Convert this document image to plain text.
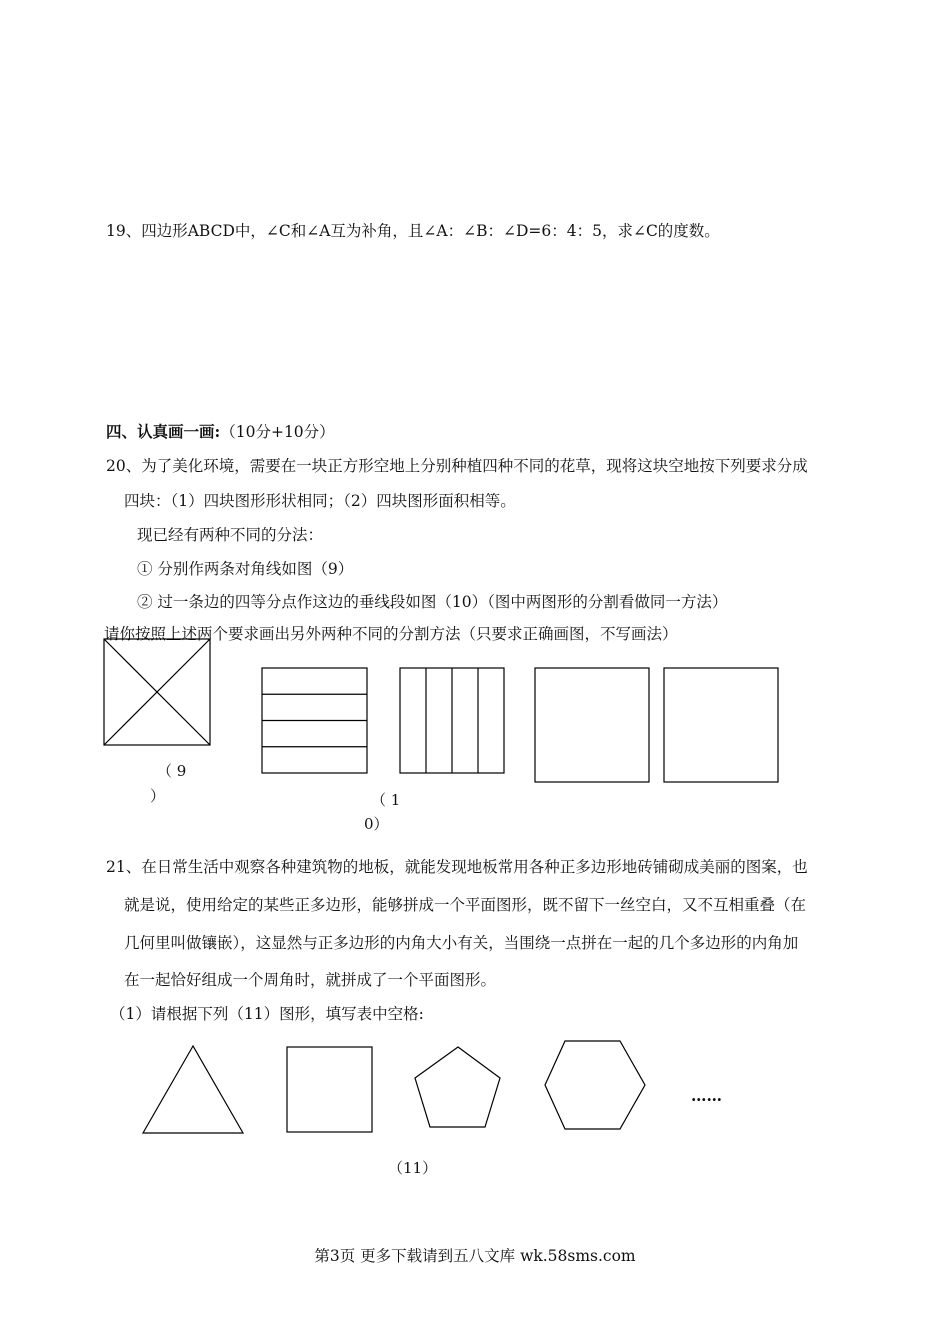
19、四边形ABCD中，∠C和∠A互为补角，且∠A：∠B：∠D=6：4：5，求∠C的度数。
四、认真画一画:（10分+10分）
20、为了美化环境，需要在一块正方形空地上分别种植四种不同的花草，现将这块空地按下列要求分成
四块：（1）四块图形形状相同；（2）四块图形面积相等。
现已经有两种不同的分法：
① 分别作两条对角线如图（9）
② 过一条边的四等分点作这边的垂线段如图（10）（图中两图形的分割看做同一方法）
请你按照上述两个要求画出另外两种不同的分割方法（只要求正确画图，不写画法）
（ 9
）	（ 1
0）
21、在日常生活中观察各种建筑物的地板，就能发现地板常用各种正多边形地砖铺砌成美丽的图案，也
就是说，使用给定的某些正多边形，能够拼成一个平面图形，既不留下一丝空白，又不互相重叠（在
几何里叫做镶嵌），这显然与正多边形的内角大小有关，当围绕一点拼在一起的几个多边形的内角加
在一起恰好组成一个周角时，就拼成了一个平面图形。
（1）请根据下列（11）图形，填写表中空格:
……
（11）
第3页 更多下载请到五八文库 wk.58sms.com
